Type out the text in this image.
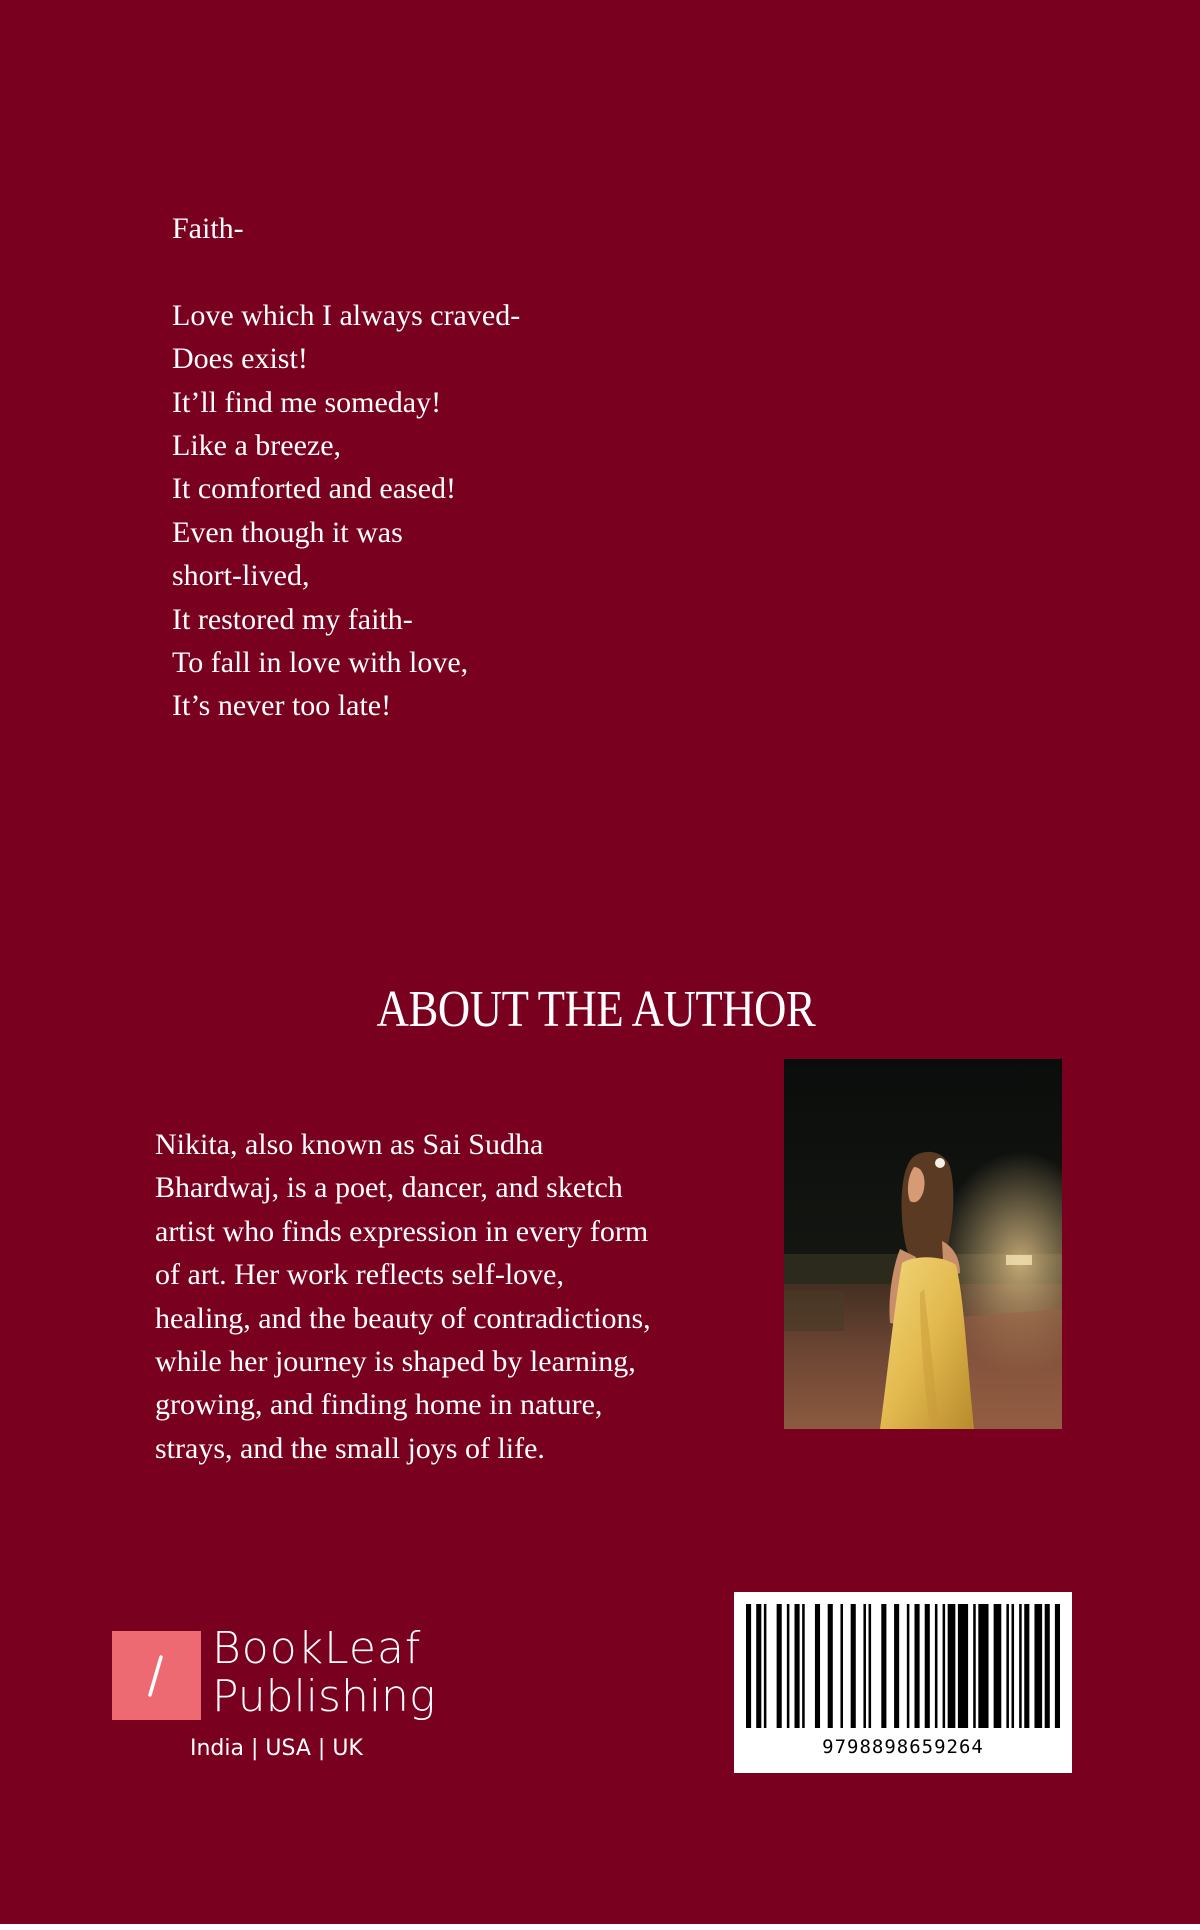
Faith-
Love which I always craved-
Does exist!
It’ll find me someday!
Like a breeze,
It comforted and eased!
Even though it was
short-lived,
It restored my faith-
To fall in love with love,
It’s never too late!
ABOUT THE AUTHOR
Nikita, also known as Sai Sudha
Bhardwaj, is a poet, dancer, and sketch
artist who finds expression in every form
of art. Her work reflects self-love,
healing, and the beauty of contradictions,
while her journey is shaped by learning,
growing, and finding home in nature,
strays, and the small joys of life.
BookLeaf
Publishing
India | USA | UK	9798898659264
